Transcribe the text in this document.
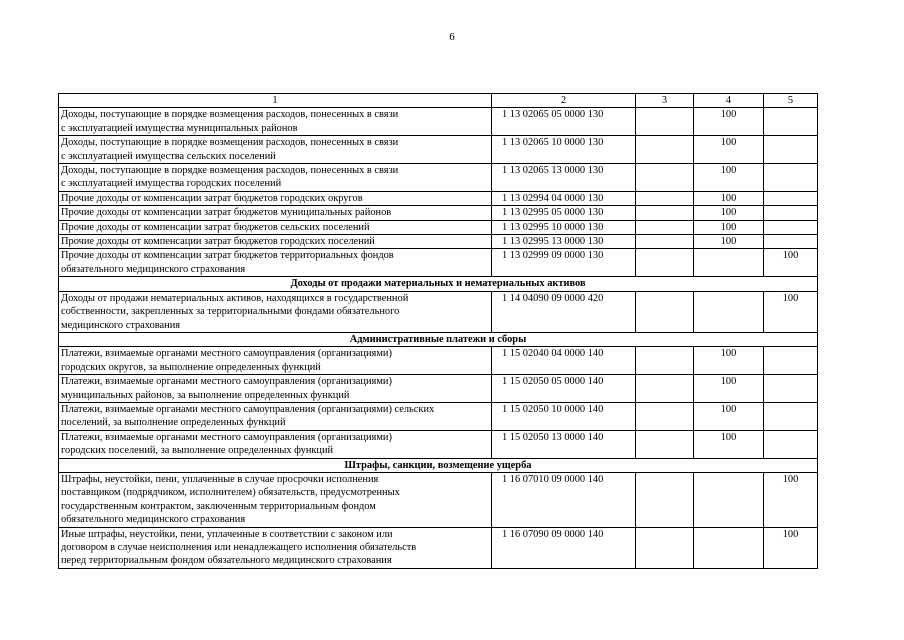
6
1	2	3	4	5
Доходы, поступающие в порядке возмещения расходов, понесенных в связи
с эксплуатацией имущества муниципальных районов	1 13 02065 05 0000 130		100	
Доходы, поступающие в порядке возмещения расходов, понесенных в связи
с эксплуатацией имущества сельских поселений	1 13 02065 10 0000 130		100	
Доходы, поступающие в порядке возмещения расходов, понесенных в связи
с эксплуатацией имущества городских поселений	1 13 02065 13 0000 130		100	
Прочие доходы от компенсации затрат бюджетов городских округов	1 13 02994 04 0000 130		100	
Прочие доходы от компенсации затрат бюджетов муниципальных районов	1 13 02995 05 0000 130		100	
Прочие доходы от компенсации затрат бюджетов сельских поселений	1 13 02995 10 0000 130		100	
Прочие доходы от компенсации затрат бюджетов городских поселений	1 13 02995 13 0000 130		100	
Прочие доходы от компенсации затрат бюджетов территориальных фондов
обязательного медицинского страхования	1 13 02999 09 0000 130			100
Доходы от продажи материальных и нематериальных активов				
Доходы от продажи нематериальных активов, находящихся в государственной
собственности, закрепленных за территориальными фондами обязательного
медицинского страхования	1 14 04090 09 0000 420			100
Административные платежи и сборы				
Платежи, взимаемые органами местного самоуправления (организациями)
городских округов, за выполнение определенных функций	1 15 02040 04 0000 140		100	
Платежи, взимаемые органами местного самоуправления (организациями)
муниципальных районов, за выполнение определенных функций	1 15 02050 05 0000 140		100	
Платежи, взимаемые органами местного самоуправления (организациями) сельских
поселений, за выполнение определенных функций	1 15 02050 10 0000 140		100	
Платежи, взимаемые органами местного самоуправления (организациями)
городских поселений, за выполнение определенных функций	1 15 02050 13 0000 140		100	
Штрафы, санкции, возмещение ущерба				
Штрафы, неустойки, пени, уплаченные в случае просрочки исполнения
поставщиком (подрядчиком, исполнителем) обязательств, предусмотренных
государственным контрактом, заключенным территориальным фондом
обязательного медицинского страхования	1 16 07010 09 0000 140			100
Иные штрафы, неустойки, пени, уплаченные в соответствии с законом или
договором в случае неисполнения или ненадлежащего исполнения обязательств
перед территориальным фондом обязательного медицинского страхования	1 16 07090 09 0000 140			100
